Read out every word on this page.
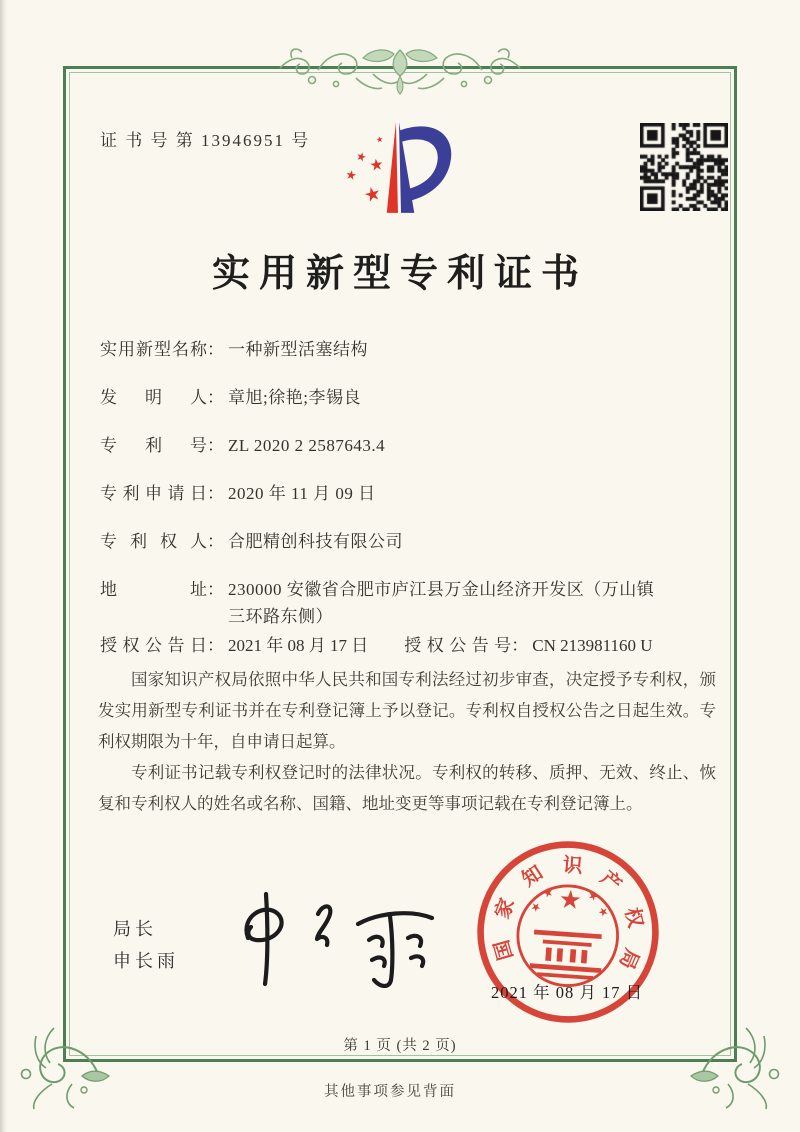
证 书 号 第 13946951 号
实用新型专利证书
实用新型名称： 一种新型活塞结构
发明人： 章旭;徐艳;李锡良
专利号： ZL 2020 2 2587643.4
专利申请日： 2020 年 11 月 09 日
专利权人： 合肥精创科技有限公司
地址： 230000 安徽省合肥市庐江县万金山经济开发区（万山镇三环路东侧）
授权公告日： 2021 年 08 月 17 日 授权公告号： CN 213981160 U

国家知识产权局依照中华人民共和国专利法经过初步审查，决定授予专利权，颁发实用新型专利证书并在专利登记簿上予以登记。专利权自授权公告之日起生效。专利权期限为十年，自申请日起算。

专利证书记载专利权登记时的法律状况。专利权的转移、质押、无效、终止、恢复和专利权人的姓名或名称、国籍、地址变更等事项记载在专利登记簿上。

局长
申长雨	国
家
知 识
产
权
局
2021 年 08 月 17 日
第 1 页 (共 2 页)
其他事项参见背面
